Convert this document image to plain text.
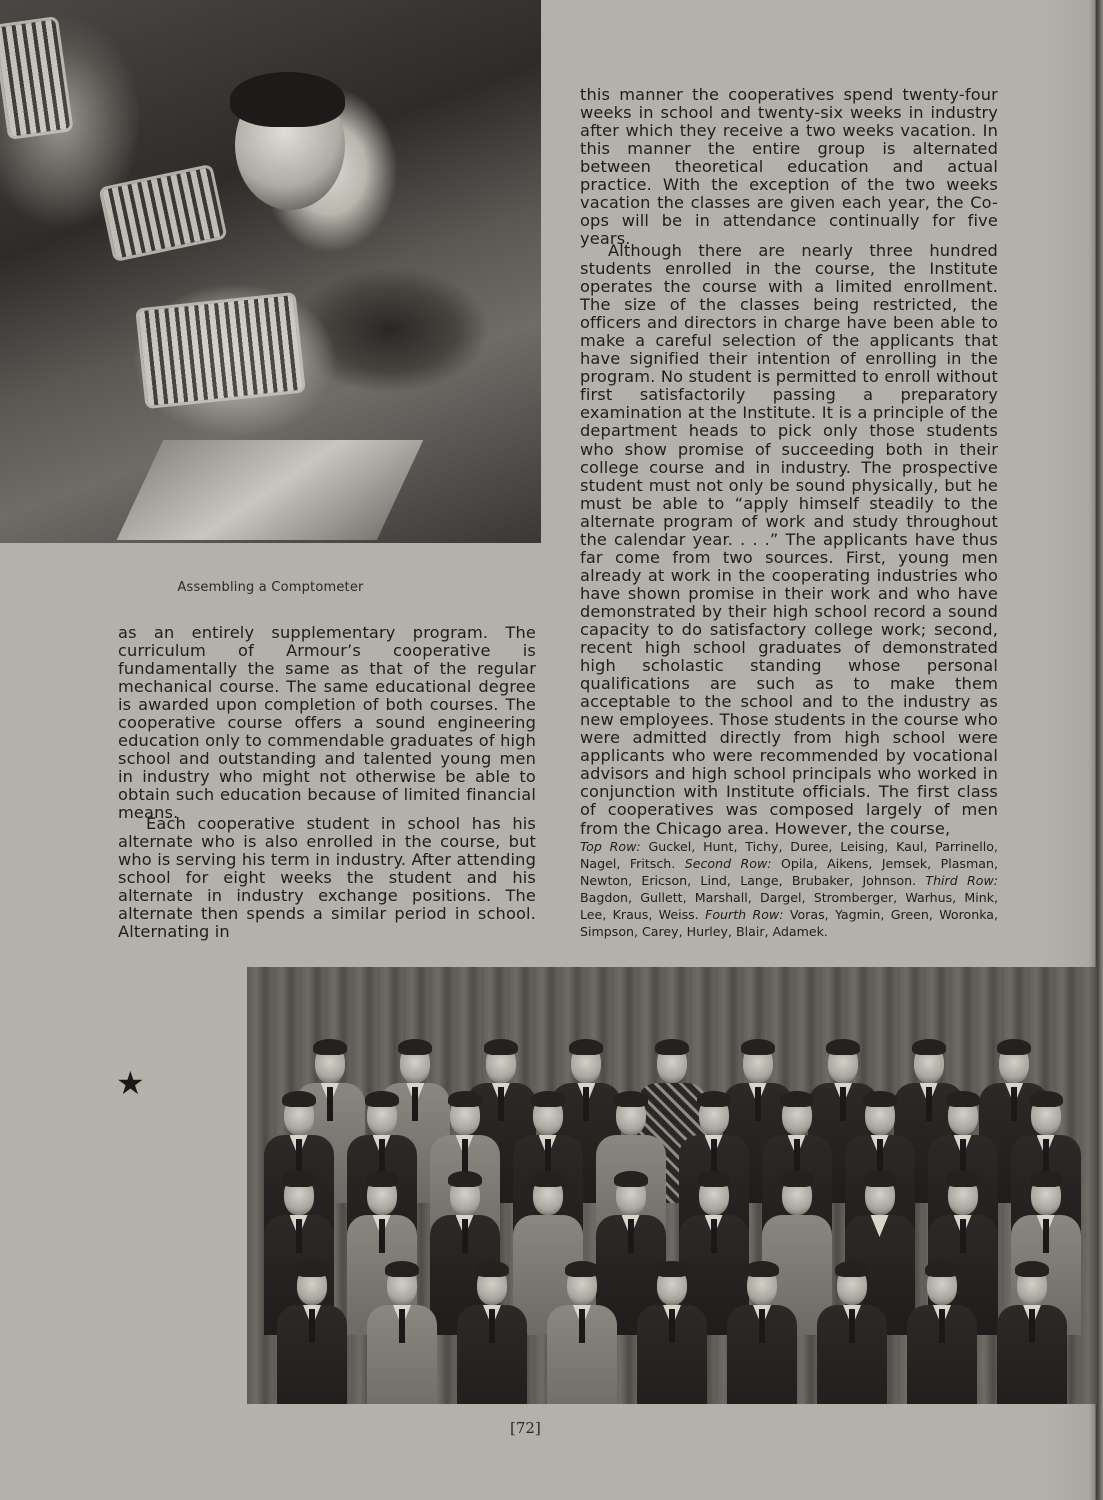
Assembling a Comptometer

as an entirely supplementary program. The curriculum of Armour’s cooperative is fundamentally the same as that of the regular mechanical course. The same educational degree is awarded upon completion of both courses. The cooperative course offers a sound engineering education only to commendable graduates of high school and outstanding and talented young men in industry who might not otherwise be able to obtain such education because of limited financial means.

Each cooperative student in school has his alternate who is also enrolled in the course, but who is serving his term in industry. After attending school for eight weeks the student and his alternate in industry exchange positions. The alternate then spends a similar period in school. Alternating in

this manner the cooperatives spend twenty-four weeks in school and twenty-six weeks in industry after which they receive a two weeks vacation. In this manner the entire group is alternated between theoretical education and actual practice. With the exception of the two weeks vacation the classes are given each year, the Co-ops will be in attendance continually for five years.

Although there are nearly three hundred students enrolled in the course, the Institute operates the course with a limited enrollment. The size of the classes being restricted, the officers and directors in charge have been able to make a careful selection of the applicants that have signified their intention of enrolling in the program. No student is permitted to enroll without first satisfactorily passing a preparatory examination at the Institute. It is a principle of the department heads to pick only those students who show promise of succeeding both in their college course and in industry. The prospective student must not only be sound physically, but he must be able to “apply himself steadily to the alternate program of work and study throughout the calendar year. . . .” The applicants have thus far come from two sources. First, young men already at work in the cooperating industries who have shown promise in their work and who have demonstrated by their high school record a sound capacity to do satisfactory college work; second, recent high school graduates of demonstrated high scholastic standing whose personal qualifications are such as to make them acceptable to the school and to the industry as new employees. Those students in the course who were admitted directly from high school were applicants who were recommended by vocational advisors and high school principals who worked in conjunction with Institute officials. The first class of cooperatives was composed largely of men from the Chicago area. However, the course,

Top Row: Guckel, Hunt, Tichy, Duree, Leising, Kaul, Parrinello, Nagel, Fritsch. Second Row: Opila, Aikens, Jemsek, Plasman, Newton, Ericson, Lind, Lange, Brubaker, Johnson. Third Row: Bagdon, Gullett, Marshall, Dargel, Stromberger, Warhus, Mink, Lee, Kraus, Weiss. Fourth Row: Voras, Yagmin, Green, Woronka, Simpson, Carey, Hurley, Blair, Adamek.
★
[72]
